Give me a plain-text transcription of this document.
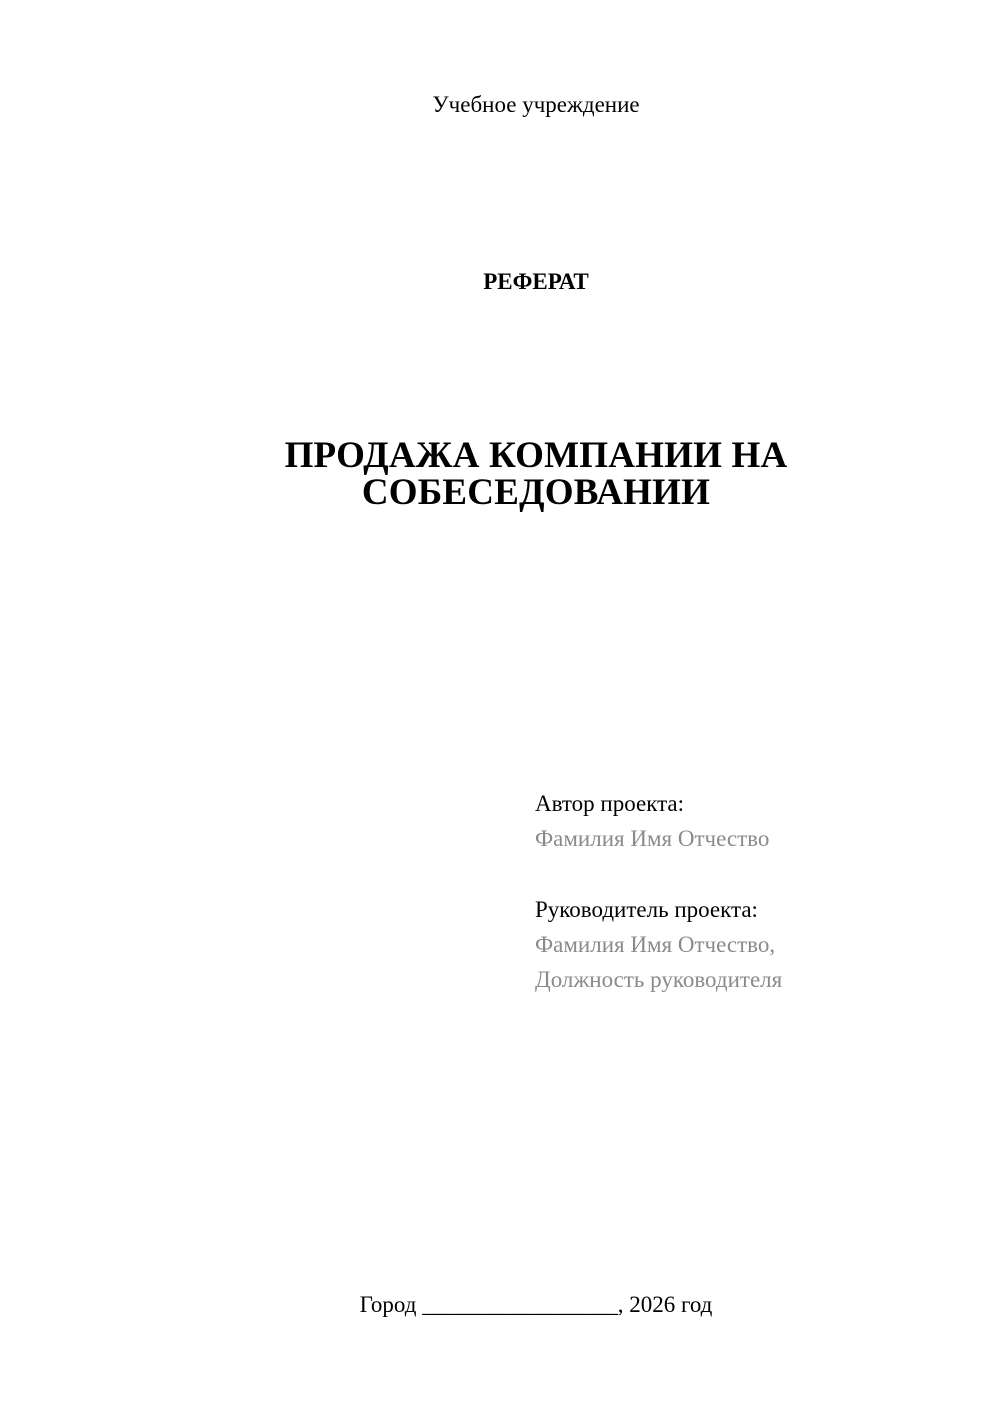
Учебное учреждение
РЕФЕРАТ
ПРОДАЖА КОМПАНИИ НА
СОБЕСЕДОВАНИИ
Автор проекта:
Фамилия Имя Отчество
Руководитель проекта:
Фамилия Имя Отчество,
Должность руководителя
Город _________________, 2026 год
